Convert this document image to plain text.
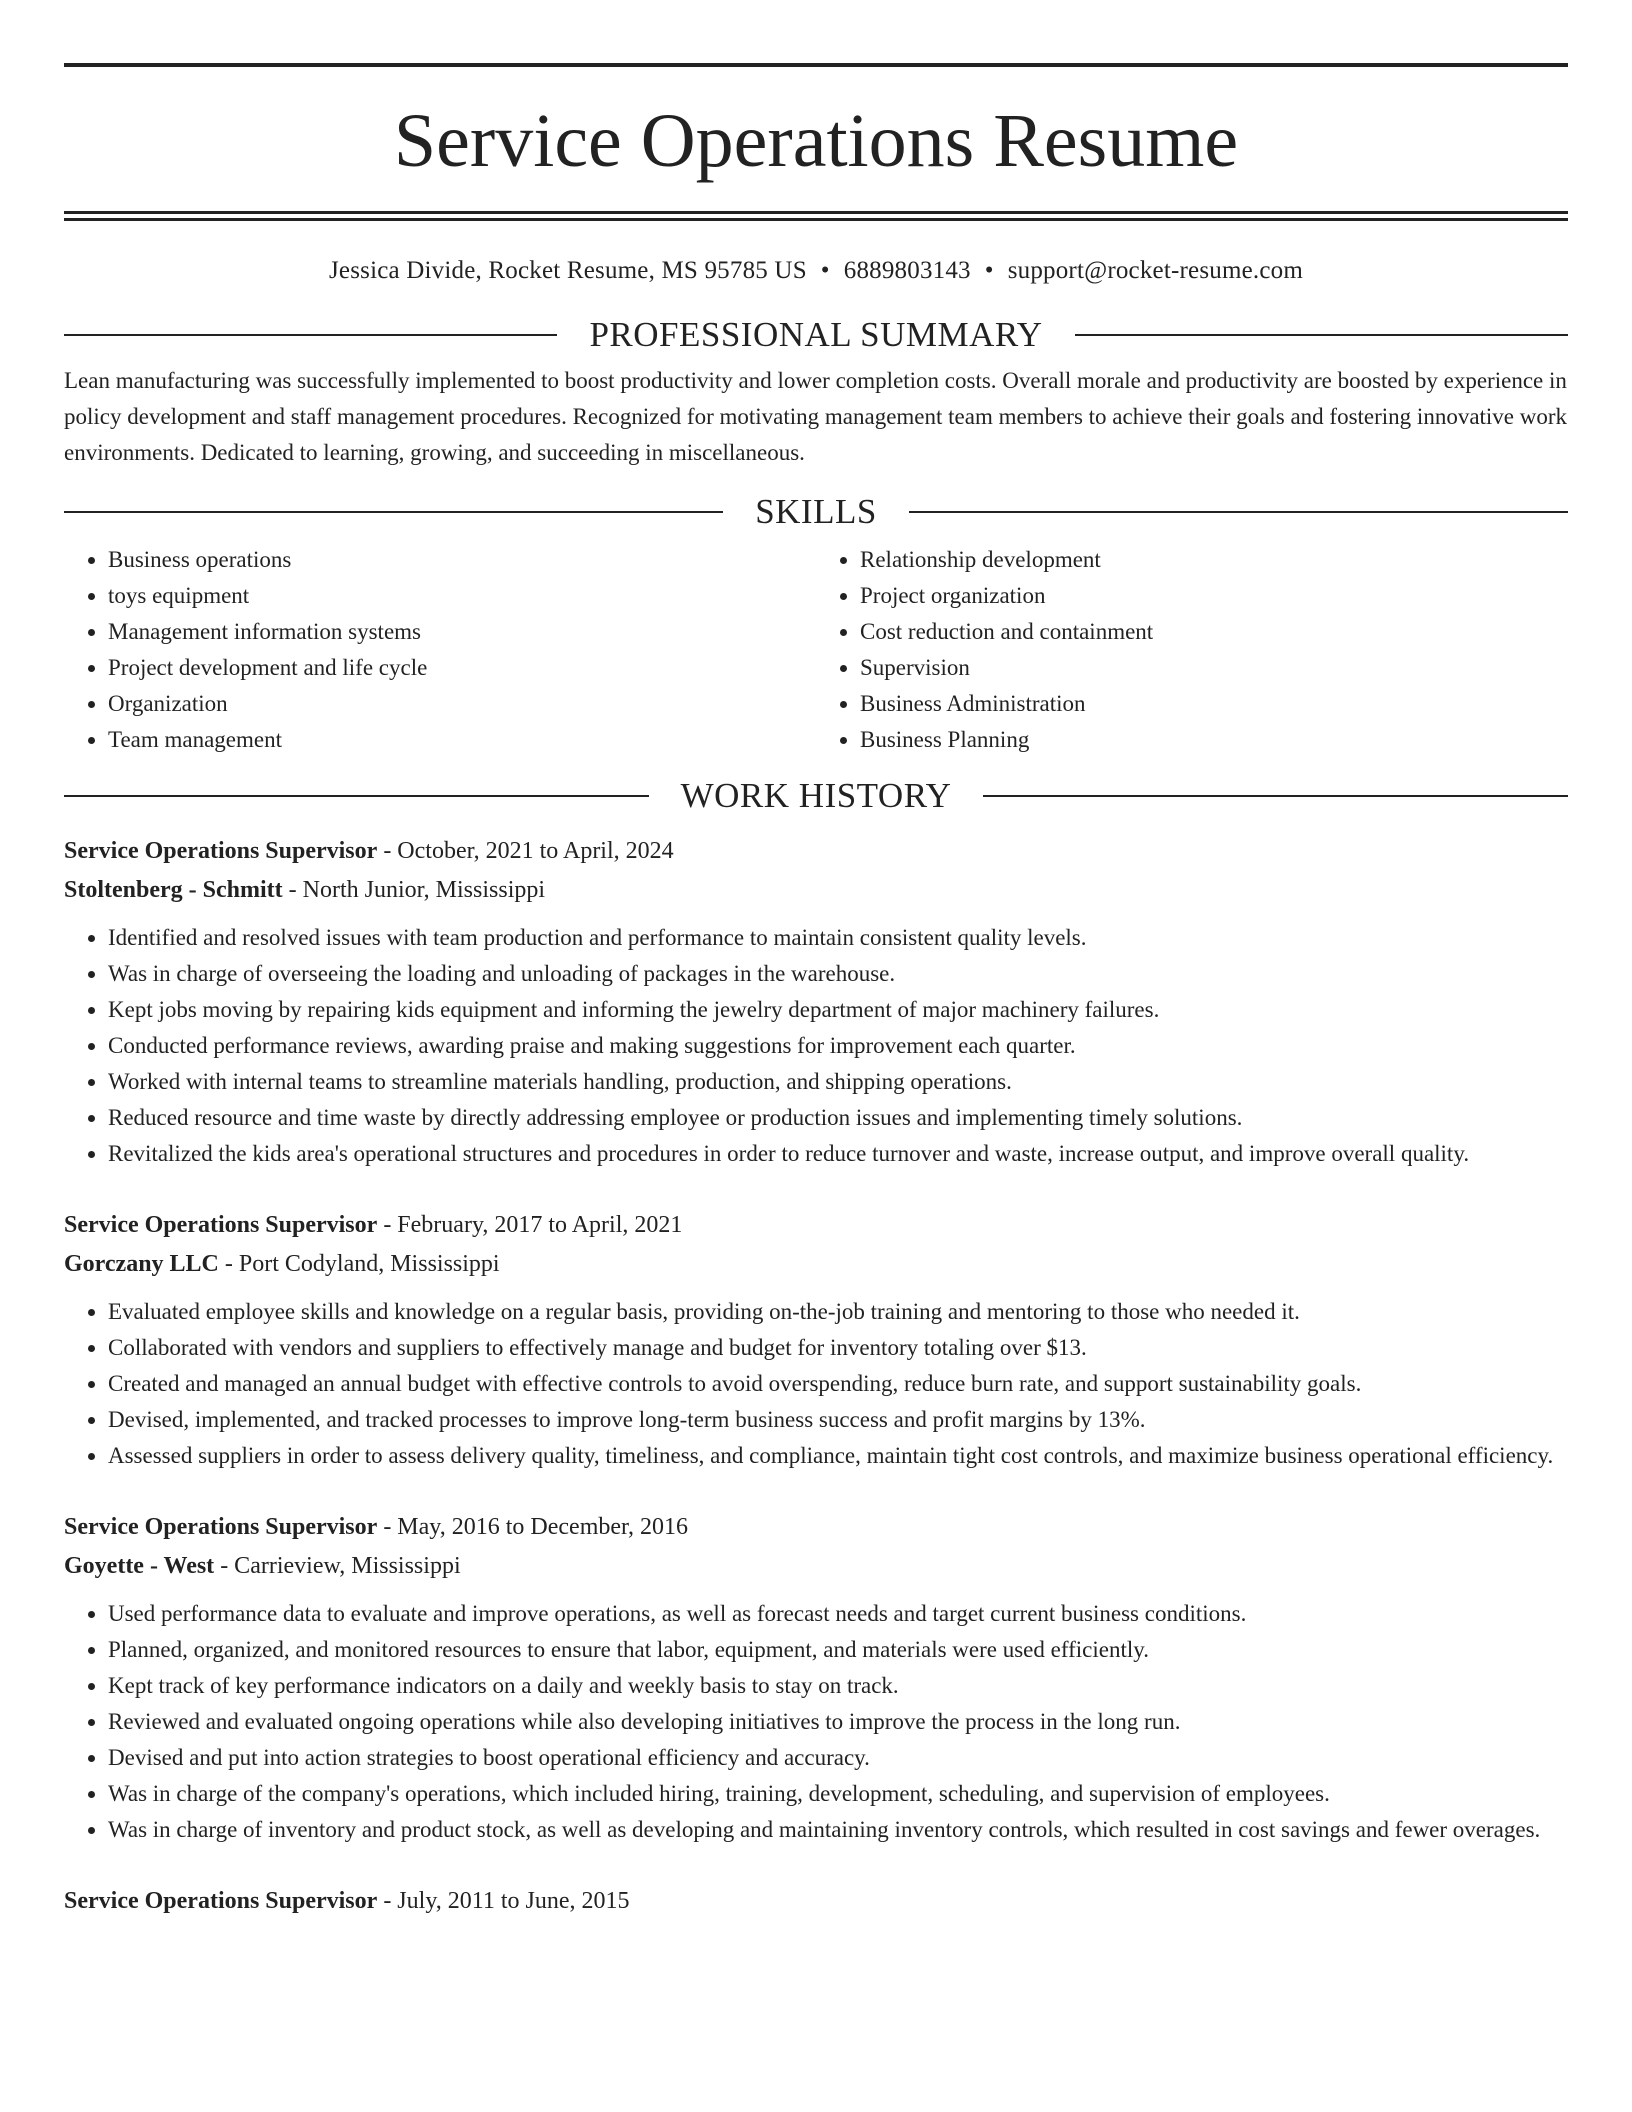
Service Operations Resume
Jessica Divide, Rocket Resume, MS 95785 US • 6889803143 • support@rocket-resume.com
PROFESSIONAL SUMMARY

Lean manufacturing was successfully implemented to boost productivity and lower completion costs. Overall morale and productivity are boosted by experience in policy development and staff management procedures. Recognized for motivating management team members to achieve their goals and fostering innovative work environments. Dedicated to learning, growing, and succeeding in miscellaneous.

SKILLS
• Business operations
• toys equipment
• Management information systems
• Project development and life cycle
• Organization
• Team management
• Relationship development
• Project organization
• Cost reduction and containment
• Supervision
• Business Administration
• Business Planning
WORK HISTORY
Service Operations Supervisor - October, 2021 to April, 2024
Stoltenberg - Schmitt - North Junior, Mississippi
• Identified and resolved issues with team production and performance to maintain consistent quality levels.
• Was in charge of overseeing the loading and unloading of packages in the warehouse.
• Kept jobs moving by repairing kids equipment and informing the jewelry department of major machinery failures.
• Conducted performance reviews, awarding praise and making suggestions for improvement each quarter.
• Worked with internal teams to streamline materials handling, production, and shipping operations.
• Reduced resource and time waste by directly addressing employee or production issues and implementing timely solutions.
• Revitalized the kids area's operational structures and procedures in order to reduce turnover and waste, increase output, and improve overall quality.
Service Operations Supervisor - February, 2017 to April, 2021
Gorczany LLC - Port Codyland, Mississippi
• Evaluated employee skills and knowledge on a regular basis, providing on-the-job training and mentoring to those who needed it.
• Collaborated with vendors and suppliers to effectively manage and budget for inventory totaling over $13.
• Created and managed an annual budget with effective controls to avoid overspending, reduce burn rate, and support sustainability goals.
• Devised, implemented, and tracked processes to improve long-term business success and profit margins by 13%.
• Assessed suppliers in order to assess delivery quality, timeliness, and compliance, maintain tight cost controls, and maximize business operational efficiency.
Service Operations Supervisor - May, 2016 to December, 2016
Goyette - West - Carrieview, Mississippi
• Used performance data to evaluate and improve operations, as well as forecast needs and target current business conditions.
• Planned, organized, and monitored resources to ensure that labor, equipment, and materials were used efficiently.
• Kept track of key performance indicators on a daily and weekly basis to stay on track.
• Reviewed and evaluated ongoing operations while also developing initiatives to improve the process in the long run.
• Devised and put into action strategies to boost operational efficiency and accuracy.
• Was in charge of the company's operations, which included hiring, training, development, scheduling, and supervision of employees.
• Was in charge of inventory and product stock, as well as developing and maintaining inventory controls, which resulted in cost savings and fewer overages.
Service Operations Supervisor - July, 2011 to June, 2015
